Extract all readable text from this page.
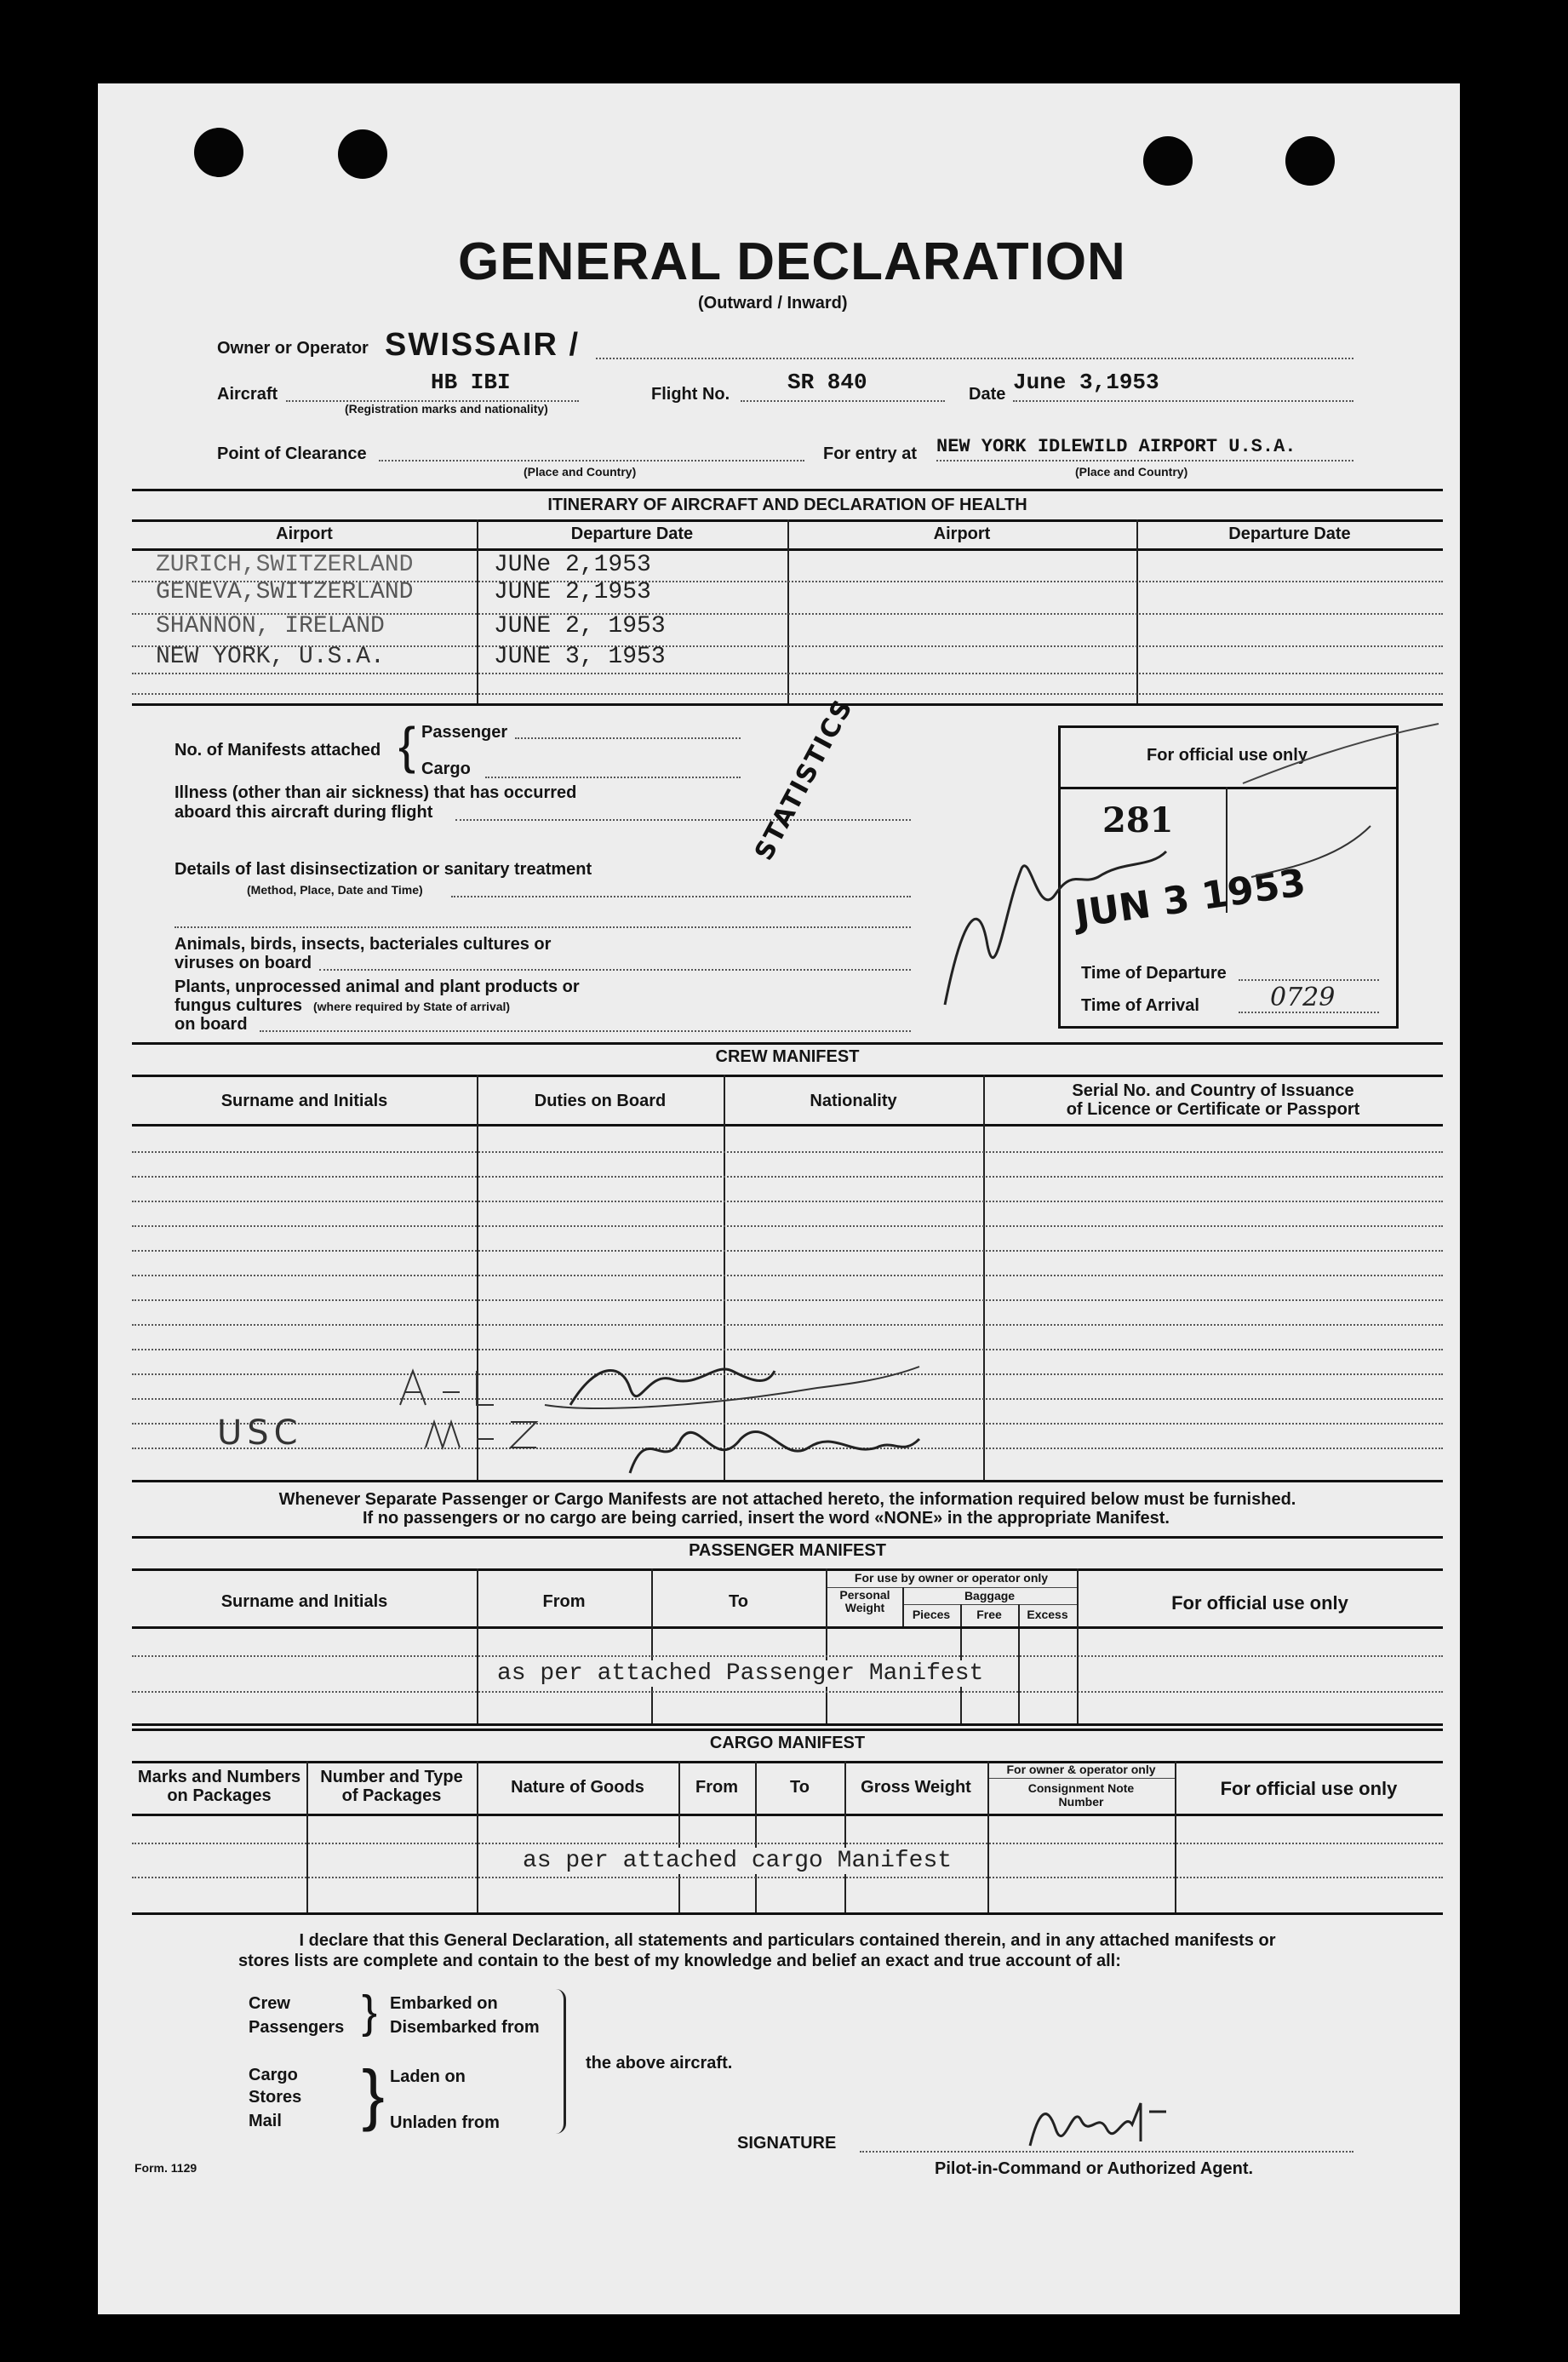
GENERAL DECLARATION
(Outward / Inward)
Owner or Operator SWISSAIR /
Aircraft	HB IBI
(Registration marks and nationality)
Flight No.	SR 840	Date June 3,1953
Point of Clearance
(Place and Country)
For entry at NEW YORK IDLEWILD AIRPORT U.S.A.
(Place and Country)
ITINERARY OF AIRCRAFT AND DECLARATION OF HEALTH
Airport	Departure Date	Airport	Departure Date
ZURICH,SWITZERLAND	JUNe 2,1953
GENEVA,SWITZERLAND	JUNE 2,1953
SHANNON, IRELAND	JUNE 2, 1953
NEW YORK, U.S.A.	JUNE 3, 1953
No. of Manifests attached { Passenger
Cargo
Illness (other than air sickness) that has occurred
aboard this aircraft during flight
Details of last disinsectization or sanitary treatment
(Method, Place, Date and Time)
Animals, birds, insects, bacteriales cultures or
viruses on board
Plants, unprocessed animal and plant products or
fungus cultures (where required by State of arrival)
on board
STATISTICS	For official use only
281
JUN 3 1953
Time of Departure
Time of Arrival	0729
CREW MANIFEST
Surname and Initials	Duties on Board	Nationality
Serial No. and Country of Issuance
of Licence or Certificate or Passport
USC
Whenever Separate Passenger or Cargo Manifests are not attached hereto, the information required below must be furnished.
If no passengers or no cargo are being carried, insert the word «NONE» in the appropriate Manifest.
PASSENGER MANIFEST
Surname and Initials	From	To
For use by owner or operator only
Personal Weight
Baggage
Pieces	Free	Excess
For official use only
as per attached Passenger Manifest
CARGO MANIFEST
Marks and Numbers
on Packages
Number and Type
of Packages	Nature of Goods	From	To	Gross Weight
For owner & operator only
Consignment Note
Number
For official use only
as per attached cargo Manifest
I declare that this General Declaration, all statements and particulars contained therein, and in any attached manifests or
stores lists are complete and contain to the best of my knowledge and belief an exact and true account of all:
Crew
Passengers } Embarked on
Disembarked from
Cargo
Stores
Mail } Laden on
Unladen from
the above aircraft.
SIGNATURE
Pilot-in-Command or Authorized Agent.
Form. 1129
